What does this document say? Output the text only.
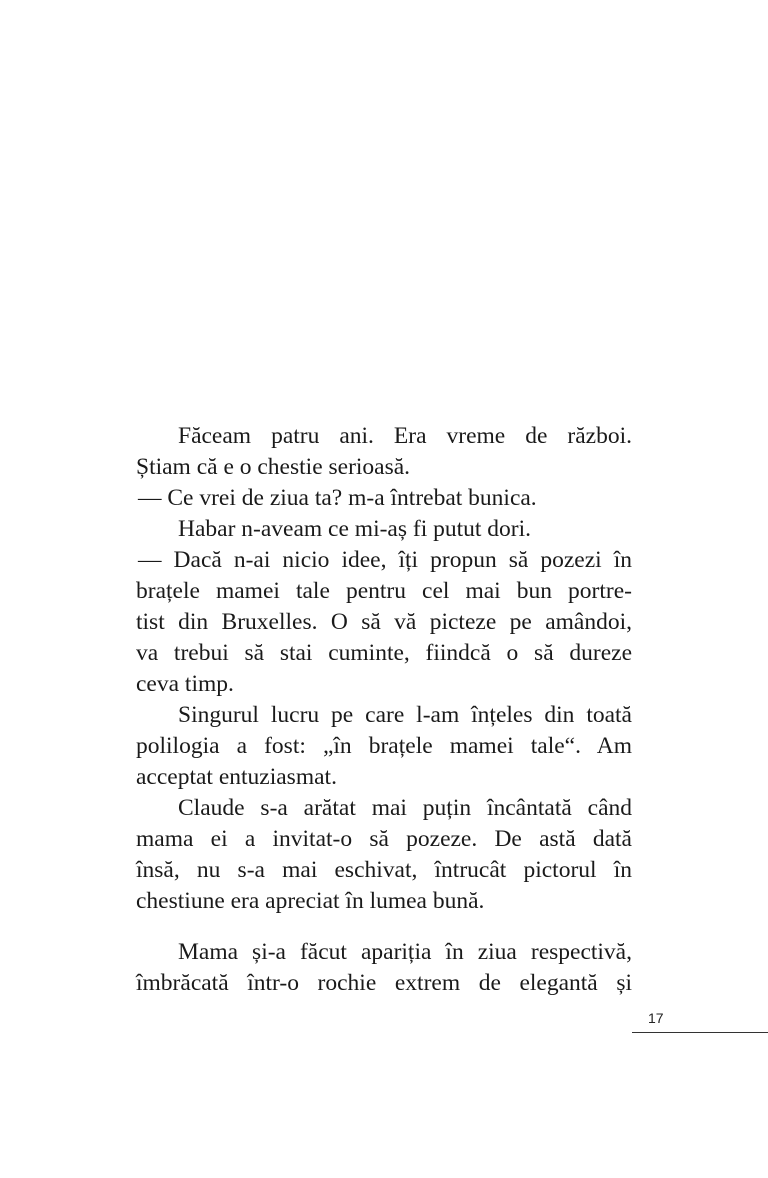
Făceam patru ani. Era vreme de război.
Știam că e o chestie serioasă.
— Ce vrei de ziua ta? m-a întrebat bunica.
Habar n-aveam ce mi-aș fi putut dori.
— Dacă n-ai nicio idee, îți propun să pozezi în
brațele mamei tale pentru cel mai bun portre-
tist din Bruxelles. O să vă picteze pe amândoi,
va trebui să stai cuminte, fiindcă o să dureze
ceva timp.
Singurul lucru pe care l-am înțeles din toată
polilogia a fost: „în brațele mamei tale“. Am
acceptat entuziasmat.
Claude s-a arătat mai puțin încântată când
mama ei a invitat-o să pozeze. De astă dată
însă, nu s-a mai eschivat, întrucât pictorul în
chestiune era apreciat în lumea bună.
Mama și-a făcut apariția în ziua respectivă,
îmbrăcată într-o rochie extrem de elegantă și
17
